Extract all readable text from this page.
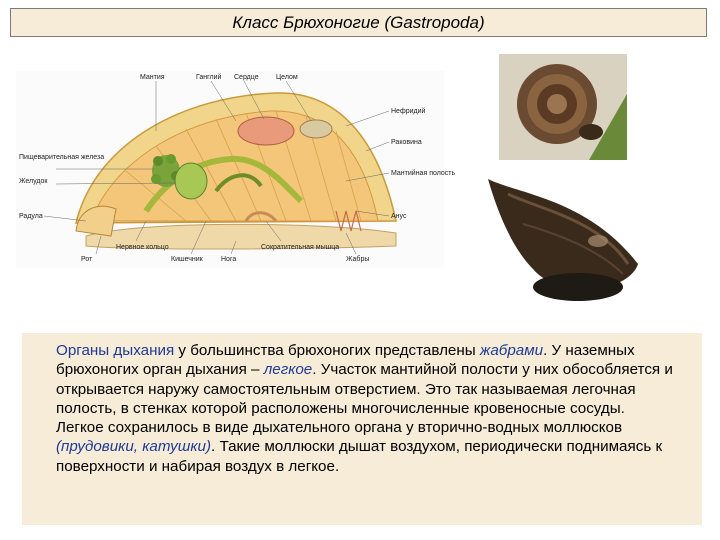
Класс Брюхоногие (Gastropoda)
Мантия	Ганглий Сердце Целом
Нефридий
Раковина
Пищеварительная железа
Желудок
Мантийная полость
Радула	Анус
Рот
Нервное кольцо
Кишечник	Нога
Сократительная мышца
Жабры

Органы дыхания у большинства брюхоногих представлены жабрами. У наземных брюхоногих орган дыхания – легкое. Участок мантийной полости у них обособляется и открывается наружу самостоятельным отверстием. Это так называемая легочная полость, в стенках которой расположены многочисленные кровеносные сосуды.

Легкое сохранилось в виде дыхательного органа у вторично-водных моллюсков (прудовики, катушки). Такие моллюски дышат воздухом, периодически поднимаясь к поверхности и набирая воздух в легкое.
